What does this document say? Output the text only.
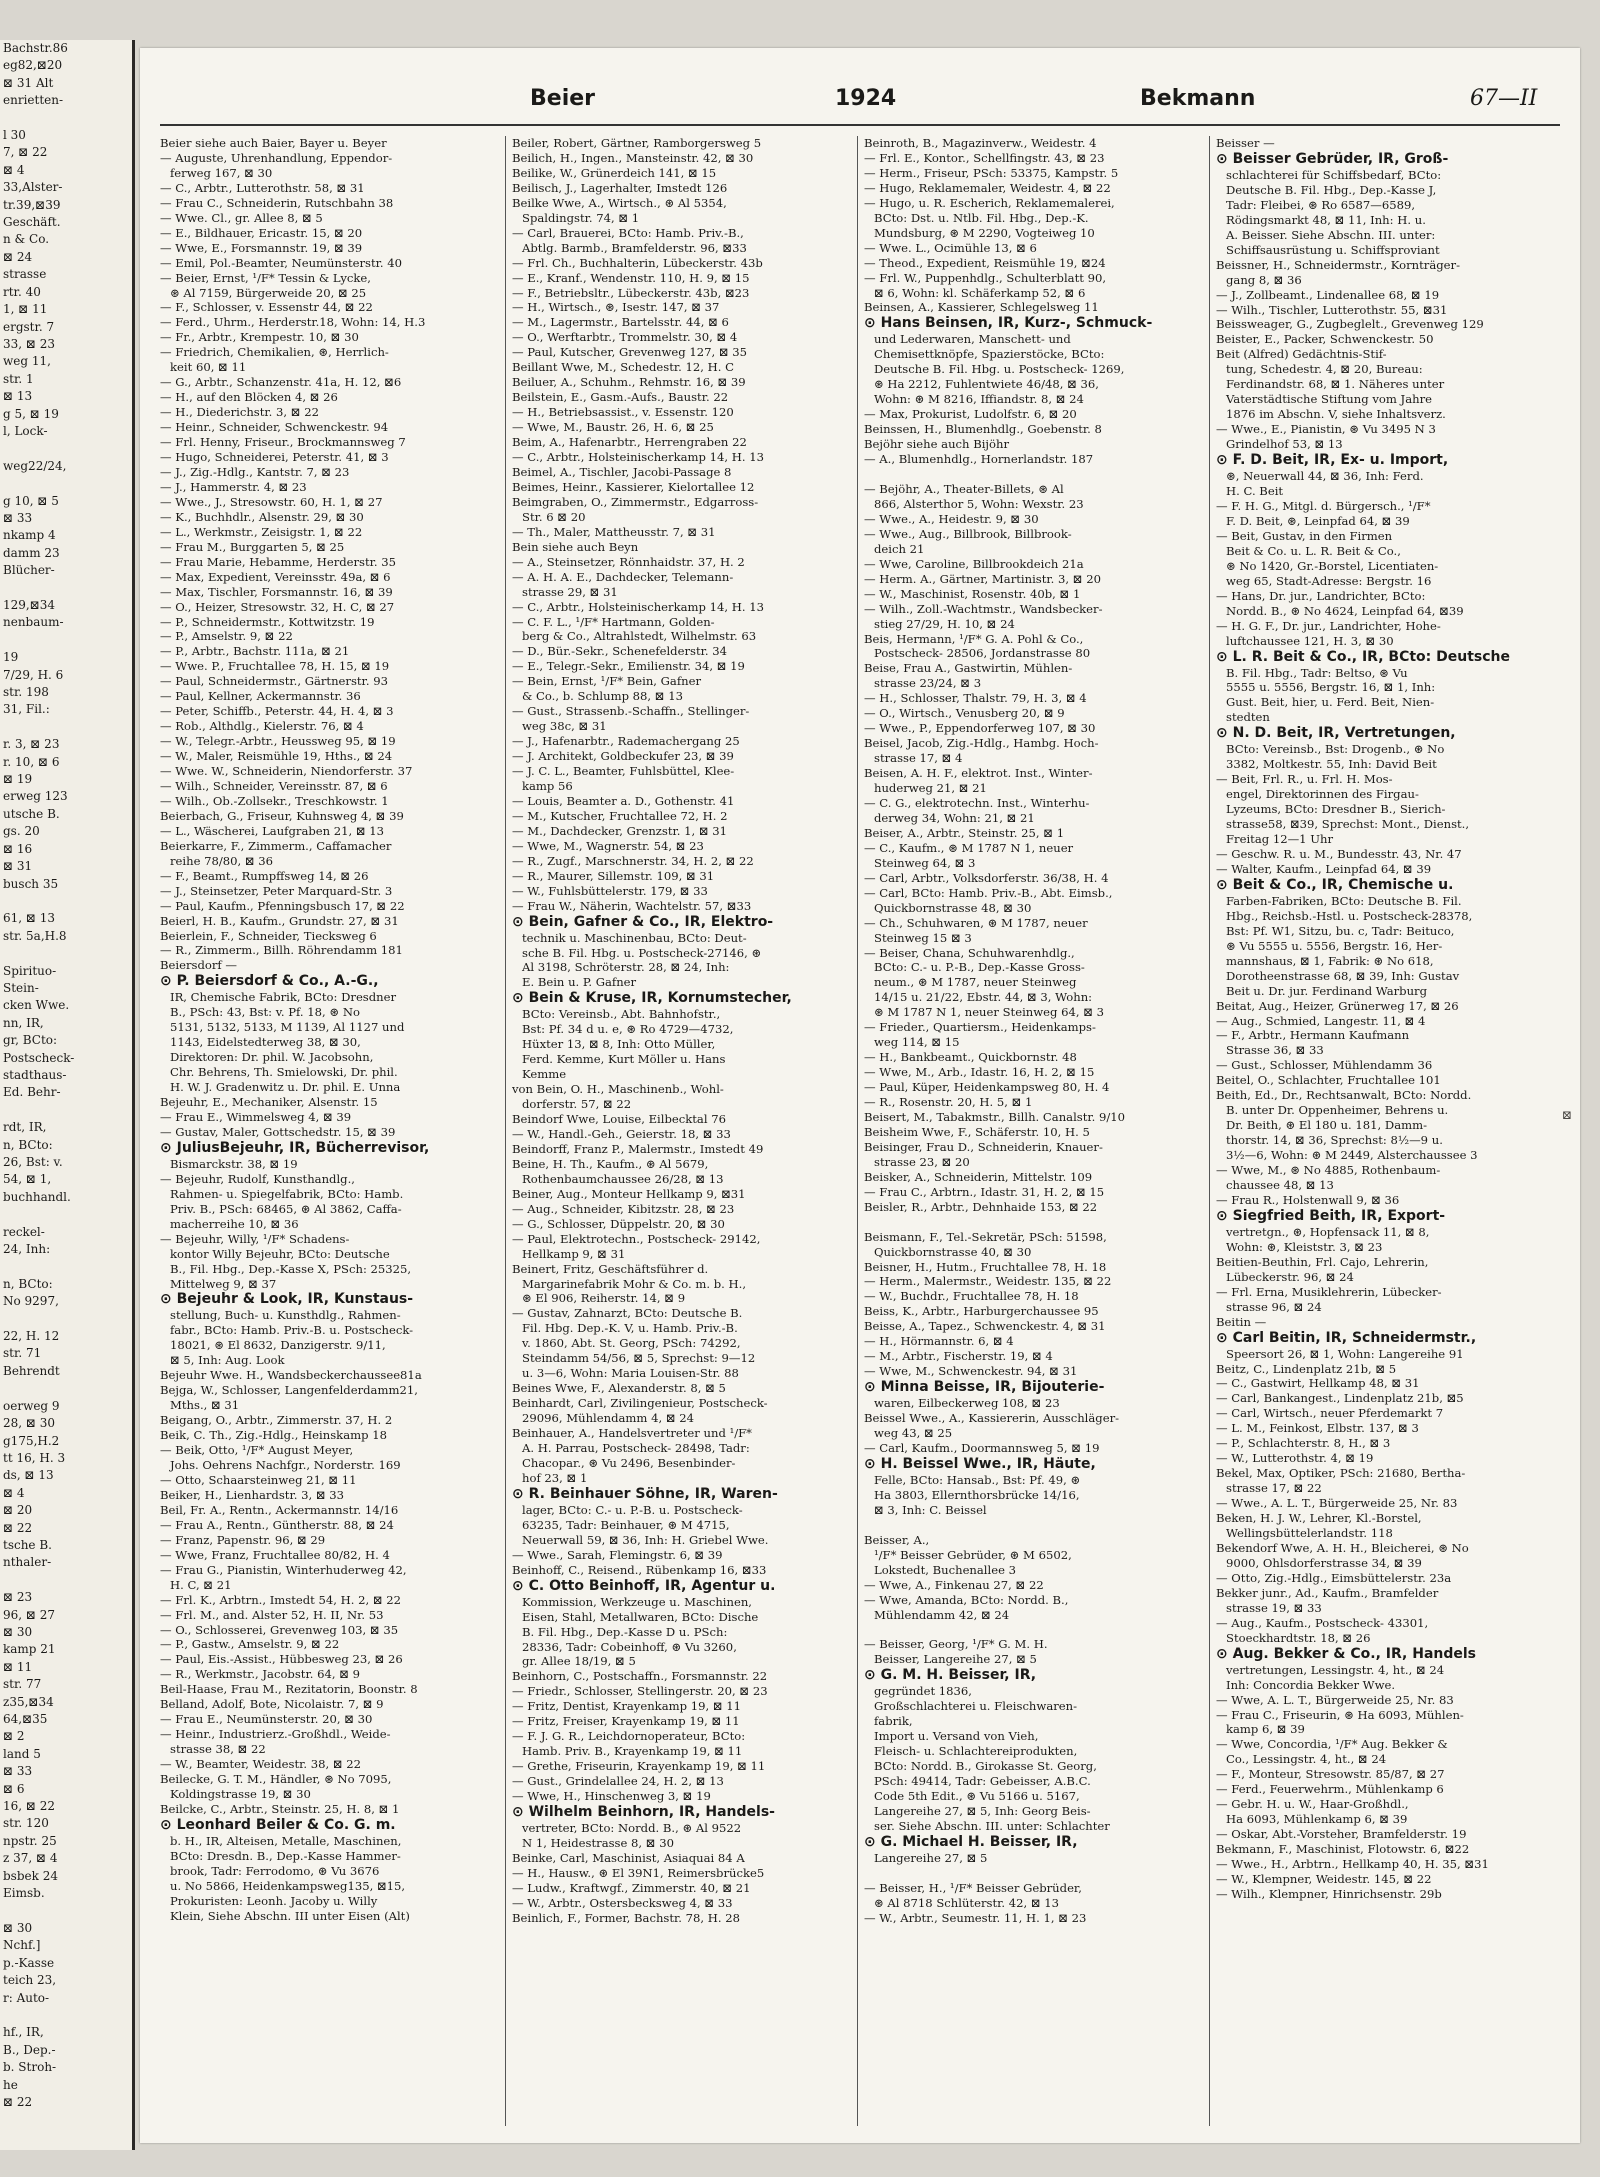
Bachstr.86
eg82,⊠20
⊠ 31 Alt
enrietten-

l 30
7, ⊠ 22
⊠ 4
33,Alster-
tr.39,⊠39
Geschäft.
n & Co.
⊠ 24
strasse
rtr. 40
1, ⊠ 11
ergstr. 7
33, ⊠ 23
weg 11,
str. 1
⊠ 13
g 5, ⊠ 19
l, Lock-

weg22/24,

g 10, ⊠ 5
⊠ 33
nkamp 4
damm 23
Blücher-

129,⊠34
nenbaum-

19
7/29, H. 6
str. 198
31, Fil.:

r. 3, ⊠ 23
r. 10, ⊠ 6
⊠ 19
erweg 123
utsche B.
gs. 20
⊠ 16
⊠ 31
busch 35

61, ⊠ 13
str. 5a,H.8

Spirituo-
Stein-
cken Wwe.
nn, IR,
gr, BCto:
Postscheck-
stadthaus-
Ed. Behr-

rdt, IR,
n, BCto:
26, Bst: v.
54, ⊠ 1,
buchhandl.

reckel-
24, Inh:

n, BCto:
No 9297,

22, H. 12
str. 71
Behrendt

oerweg 9
28, ⊠ 30
g175,H.2
tt 16, H. 3
ds, ⊠ 13
⊠ 4
⊠ 20
⊠ 22
tsche B.
nthaler-

⊠ 23
96, ⊠ 27
⊠ 30
kamp 21
⊠ 11
str. 77
z35,⊠34
64,⊠35
⊠ 2
land 5
⊠ 33
⊠ 6
16, ⊠ 22
str. 120
npstr. 25
z 37, ⊠ 4
bsbek 24
Eimsb.

⊠ 30
Nchf.]
p.-Kasse
teich 23,
r: Auto-

hf., IR,
B., Dep.-
b. Stroh-
he
⊠ 22
Beier	1924	Bekmann	67—II
Beier siehe auch Baier, Bayer u. Beyer
— Auguste, Uhrenhandlung, Eppendor-
ferweg 167, ⊠ 30
— C., Arbtr., Lutterothstr. 58, ⊠ 31
— Frau C., Schneiderin, Rutschbahn 38
— Wwe. Cl., gr. Allee 8, ⊠ 5
— E., Bildhauer, Ericastr. 15, ⊠ 20
— Wwe, E., Forsmannstr. 19, ⊠ 39
— Emil, Pol.-Beamter, Neumünsterstr. 40
— Beier, Ernst, ¹/F* Tessin & Lycke,
⊛ Al 7159, Bürgerweide 20, ⊠ 25
— F., Schlosser, v. Essenstr 44, ⊠ 22
— Ferd., Uhrm., Herderstr.18, Wohn: 14, H.3
— Fr., Arbtr., Krempestr. 10, ⊠ 30
— Friedrich, Chemikalien, ⊛, Herrlich-
keit 60, ⊠ 11
— G., Arbtr., Schanzenstr. 41a, H. 12, ⊠6
— H., auf den Blöcken 4, ⊠ 26
— H., Diederichstr. 3, ⊠ 22
— Heinr., Schneider, Schwenckestr. 94
— Frl. Henny, Friseur., Brockmannsweg 7
— Hugo, Schneiderei, Peterstr. 41, ⊠ 3
— J., Zig.-Hdlg., Kantstr. 7, ⊠ 23
— J., Hammerstr. 4, ⊠ 23
— Wwe., J., Stresowstr. 60, H. 1, ⊠ 27
— K., Buchhdlr., Alsenstr. 29, ⊠ 30
— L., Werkmstr., Zeisigstr. 1, ⊠ 22
— Frau M., Burggarten 5, ⊠ 25
— Frau Marie, Hebamme, Herderstr. 35
— Max, Expedient, Vereinsstr. 49a, ⊠ 6
— Max, Tischler, Forsmannstr. 16, ⊠ 39
— O., Heizer, Stresowstr. 32, H. C, ⊠ 27
— P., Schneidermstr., Kottwitzstr. 19
— P., Amselstr. 9, ⊠ 22
— P., Arbtr., Bachstr. 111a, ⊠ 21
— Wwe. P., Fruchtallee 78, H. 15, ⊠ 19
— Paul, Schneidermstr., Gärtnerstr. 93
— Paul, Kellner, Ackermannstr. 36
— Peter, Schiffb., Peterstr. 44, H. 4, ⊠ 3
— Rob., Althdlg., Kielerstr. 76, ⊠ 4
— W., Telegr.-Arbtr., Heussweg 95, ⊠ 19
— W., Maler, Reismühle 19, Hths., ⊠ 24
— Wwe. W., Schneiderin, Niendorferstr. 37
— Wilh., Schneider, Vereinsstr. 87, ⊠ 6
— Wilh., Ob.-Zollsekr., Treschkowstr. 1
Beierbach, G., Friseur, Kuhnsweg 4, ⊠ 39
— L., Wäscherei, Laufgraben 21, ⊠ 13
Beierkarre, F., Zimmerm., Caffamacher
reihe 78/80, ⊠ 36
— F., Beamt., Rumpffsweg 14, ⊠ 26
— J., Steinsetzer, Peter Marquard-Str. 3
— Paul, Kaufm., Pfenningsbusch 17, ⊠ 22
Beierl, H. B., Kaufm., Grundstr. 27, ⊠ 31
Beierlein, F., Schneider, Tiecksweg 6
— R., Zimmerm., Billh. Röhrendamm 181
Beiersdorf —
⊙ P. Beiersdorf & Co., A.-G.,
IR, Chemische Fabrik, BCto: Dresdner
B., PSch: 43, Bst: v. Pf. 18, ⊛ No
5131, 5132, 5133, M 1139, Al 1127 und
1143, Eidelstedterweg 38, ⊠ 30,
Direktoren: Dr. phil. W. Jacobsohn,
Chr. Behrens, Th. Smielowski, Dr. phil.
H. W. J. Gradenwitz u. Dr. phil. E. Unna
Bejeuhr, E., Mechaniker, Alsenstr. 15
— Frau E., Wimmelsweg 4, ⊠ 39
— Gustav, Maler, Gottschedstr. 15, ⊠ 39
⊙ JuliusBejeuhr, IR, Bücherrevisor,
Bismarckstr. 38, ⊠ 19
— Bejeuhr, Rudolf, Kunsthandlg.,
Rahmen- u. Spiegelfabrik, BCto: Hamb.
Priv. B., PSch: 68465, ⊛ Al 3862, Caffa-
macherreihe 10, ⊠ 36
— Bejeuhr, Willy, ¹/F* Schadens-
kontor Willy Bejeuhr, BCto: Deutsche
B., Fil. Hbg., Dep.-Kasse X, PSch: 25325,
Mittelweg 9, ⊠ 37
⊙ Bejeuhr & Look, IR, Kunstaus-
stellung, Buch- u. Kunsthdlg., Rahmen-
fabr., BCto: Hamb. Priv.-B. u. Postscheck-
18021, ⊛ El 8632, Danzigerstr. 9/11,
⊠ 5, Inh: Aug. Look
Bejeuhr Wwe. H., Wandsbeckerchaussee81a
Bejga, W., Schlosser, Langenfelderdamm21,
Mths., ⊠ 31
Beigang, O., Arbtr., Zimmerstr. 37, H. 2
Beik, C. Th., Zig.-Hdlg., Heinskamp 18
— Beik, Otto, ¹/F* August Meyer,
Johs. Oehrens Nachfgr., Norderstr. 169
— Otto, Schaarsteinweg 21, ⊠ 11
Beiker, H., Lienhardstr. 3, ⊠ 33
Beil, Fr. A., Rentn., Ackermannstr. 14/16
— Frau A., Rentn., Güntherstr. 88, ⊠ 24
— Franz, Papenstr. 96, ⊠ 29
— Wwe, Franz, Fruchtallee 80/82, H. 4
— Frau G., Pianistin, Winterhuderweg 42,
H. C, ⊠ 21
— Frl. K., Arbtrn., Imstedt 54, H. 2, ⊠ 22
— Frl. M., and. Alster 52, H. II, Nr. 53
— O., Schlosserei, Grevenweg 103, ⊠ 35
— P., Gastw., Amselstr. 9, ⊠ 22
— Paul, Eis.-Assist., Hübbesweg 23, ⊠ 26
— R., Werkmstr., Jacobstr. 64, ⊠ 9
Beil-Haase, Frau M., Rezitatorin, Boonstr. 8
Belland, Adolf, Bote, Nicolaistr. 7, ⊠ 9
— Frau E., Neumünsterstr. 20, ⊠ 30
— Heinr., Industrierz.-Großhdl., Weide-
strasse 38, ⊠ 22
— W., Beamter, Weidestr. 38, ⊠ 22
Beilecke, G. T. M., Händler, ⊛ No 7095,
Koldingstrasse 19, ⊠ 30
Beilcke, C., Arbtr., Steinstr. 25, H. 8, ⊠ 1
⊙ Leonhard Beiler & Co. G. m.
b. H., IR, Alteisen, Metalle, Maschinen,
BCto: Dresdn. B., Dep.-Kasse Hammer-
brook, Tadr: Ferrodomo, ⊛ Vu 3676
u. No 5866, Heidenkampsweg135, ⊠15,
Prokuristen: Leonh. Jacoby u. Willy
Klein, Siehe Abschn. III unter Eisen (Alt)
Beiler, Robert, Gärtner, Ramborgersweg 5
Beilich, H., Ingen., Mansteinstr. 42, ⊠ 30
Beilike, W., Grünerdeich 141, ⊠ 15
Beilisch, J., Lagerhalter, Imstedt 126
Beilke Wwe, A., Wirtsch., ⊛ Al 5354,
Spaldingstr. 74, ⊠ 1
— Carl, Brauerei, BCto: Hamb. Priv.-B.,
Abtlg. Barmb., Bramfelderstr. 96, ⊠33
— Frl. Ch., Buchhalterin, Lübeckerstr. 43b
— E., Kranf., Wendenstr. 110, H. 9, ⊠ 15
— F., Betriebsltr., Lübeckerstr. 43b, ⊠23
— H., Wirtsch., ⊛, Isestr. 147, ⊠ 37
— M., Lagermstr., Bartelsstr. 44, ⊠ 6
— O., Werftarbtr., Trommelstr. 30, ⊠ 4
— Paul, Kutscher, Grevenweg 127, ⊠ 35
Beillant Wwe, M., Schedestr. 12, H. C
Beiluer, A., Schuhm., Rehmstr. 16, ⊠ 39
Beilstein, E., Gasm.-Aufs., Baustr. 22
— H., Betriebsassist., v. Essenstr. 120
— Wwe, M., Baustr. 26, H. 6, ⊠ 25
Beim, A., Hafenarbtr., Herrengraben 22
— C., Arbtr., Holsteinischerkamp 14, H. 13
Beimel, A., Tischler, Jacobi-Passage 8
Beimes, Heinr., Kassierer, Kielortallee 12
Beimgraben, O., Zimmermstr., Edgarross-
Str. 6 ⊠ 20
— Th., Maler, Mattheusstr. 7, ⊠ 31
Bein siehe auch Beyn
— A., Steinsetzer, Rönnhaidstr. 37, H. 2
— A. H. A. E., Dachdecker, Telemann-
strasse 29, ⊠ 31
— C., Arbtr., Holsteinischerkamp 14, H. 13
— C. F. L., ¹/F* Hartmann, Golden-
berg & Co., Altrahlstedt, Wilhelmstr. 63
— D., Bür.-Sekr., Schenefelderstr. 34
— E., Telegr.-Sekr., Emilienstr. 34, ⊠ 19
— Bein, Ernst, ¹/F* Bein, Gafner
& Co., b. Schlump 88, ⊠ 13
— Gust., Strassenb.-Schaffn., Stellinger-
weg 38c, ⊠ 31
— J., Hafenarbtr., Rademachergang 25
— J. Architekt, Goldbeckufer 23, ⊠ 39
— J. C. L., Beamter, Fuhlsbüttel, Klee-
kamp 56
— Louis, Beamter a. D., Gothenstr. 41
— M., Kutscher, Fruchtallee 72, H. 2
— M., Dachdecker, Grenzstr. 1, ⊠ 31
— Wwe, M., Wagnerstr. 54, ⊠ 23
— R., Zugf., Marschnerstr. 34, H. 2, ⊠ 22
— R., Maurer, Sillemstr. 109, ⊠ 31
— W., Fuhlsbüttelerstr. 179, ⊠ 33
— Frau W., Näherin, Wachtelstr. 57, ⊠33
⊙ Bein, Gafner & Co., IR, Elektro-
technik u. Maschinenbau, BCto: Deut-
sche B. Fil. Hbg. u. Postscheck-27146, ⊛
Al 3198, Schröterstr. 28, ⊠ 24, Inh:
E. Bein u. P. Gafner
⊙ Bein & Kruse, IR, Kornumstecher,
BCto: Vereinsb., Abt. Bahnhofstr.,
Bst: Pf. 34 d u. e, ⊛ Ro 4729—4732,
Hüxter 13, ⊠ 8, Inh: Otto Müller,
Ferd. Kemme, Kurt Möller u. Hans
Kemme
von Bein, O. H., Maschinenb., Wohl-
dorferstr. 57, ⊠ 22
Beindorf Wwe, Louise, Eilbecktal 76
— W., Handl.-Geh., Geierstr. 18, ⊠ 33
Beindorff, Franz P., Malermstr., Imstedt 49
Beine, H. Th., Kaufm., ⊛ Al 5679,
Rothenbaumchaussee 26/28, ⊠ 13
Beiner, Aug., Monteur Hellkamp 9, ⊠31
— Aug., Schneider, Kibitzstr. 28, ⊠ 23
— G., Schlosser, Düppelstr. 20, ⊠ 30
— Paul, Elektrotechn., Postscheck- 29142,
Hellkamp 9, ⊠ 31
Beinert, Fritz, Geschäftsführer d.
Margarinefabrik Mohr & Co. m. b. H.,
⊛ El 906, Reiherstr. 14, ⊠ 9
— Gustav, Zahnarzt, BCto: Deutsche B.
Fil. Hbg. Dep.-K. V, u. Hamb. Priv.-B.
v. 1860, Abt. St. Georg, PSch: 74292,
Steindamm 54/56, ⊠ 5, Sprechst: 9—12
u. 3—6, Wohn: Maria Louisen-Str. 88
Beines Wwe, F., Alexanderstr. 8, ⊠ 5
Beinhardt, Carl, Zivilingenieur, Postscheck-
29096, Mühlendamm 4, ⊠ 24
Beinhauer, A., Handelsvertreter und ¹/F*
A. H. Parrau, Postscheck- 28498, Tadr:
Chacopar., ⊛ Vu 2496, Besenbinder-
hof 23, ⊠ 1
⊙ R. Beinhauer Söhne, IR, Waren-
lager, BCto: C.- u. P.-B. u. Postscheck-
63235, Tadr: Beinhauer, ⊛ M 4715,
Neuerwall 59, ⊠ 36, Inh: H. Griebel Wwe.
— Wwe., Sarah, Flemingstr. 6, ⊠ 39
Beinhoff, C., Reisend., Rübenkamp 16, ⊠33
⊙ C. Otto Beinhoff, IR, Agentur u.
Kommission, Werkzeuge u. Maschinen,
Eisen, Stahl, Metallwaren, BCto: Dische
B. Fil. Hbg., Dep.-Kasse D u. PSch:
28336, Tadr: Cobeinhoff, ⊛ Vu 3260,
gr. Allee 18/19, ⊠ 5
Beinhorn, C., Postschaffn., Forsmannstr. 22
— Friedr., Schlosser, Stellingerstr. 20, ⊠ 23
— Fritz, Dentist, Krayenkamp 19, ⊠ 11
— Fritz, Freiser, Krayenkamp 19, ⊠ 11
— F. J. G. R., Leichdornoperateur, BCto:
Hamb. Priv. B., Krayenkamp 19, ⊠ 11
— Grethe, Friseurin, Krayenkamp 19, ⊠ 11
— Gust., Grindelallee 24, H. 2, ⊠ 13
— Wwe, H., Hinschenweg 3, ⊠ 19
⊙ Wilhelm Beinhorn, IR, Handels-
vertreter, BCto: Nordd. B., ⊛ Al 9522
N 1, Heidestrasse 8, ⊠ 30
Beinke, Carl, Maschinist, Asiaquai 84 A
— H., Hausw., ⊛ El 39N1, Reimersbrücke5
— Ludw., Kraftwgf., Zimmerstr. 40, ⊠ 21
— W., Arbtr., Ostersbecksweg 4, ⊠ 33
Beinlich, F., Former, Bachstr. 78, H. 28
Beinroth, B., Magazinverw., Weidestr. 4
— Frl. E., Kontor., Schellfingstr. 43, ⊠ 23
— Herm., Friseur, PSch: 53375, Kampstr. 5
— Hugo, Reklamemaler, Weidestr. 4, ⊠ 22
— Hugo, u. R. Escherich, Reklamemalerei,
BCto: Dst. u. Ntlb. Fil. Hbg., Dep.-K.
Mundsburg, ⊛ M 2290, Vogteiweg 10
— Wwe. L., Ocimühle 13, ⊠ 6
— Theod., Expedient, Reismühle 19, ⊠24
— Frl. W., Puppenhdlg., Schulterblatt 90,
⊠ 6, Wohn: kl. Schäferkamp 52, ⊠ 6
Beinsen, A., Kassierer, Schlegelsweg 11
⊙ Hans Beinsen, IR, Kurz-, Schmuck-
und Lederwaren, Manschett- und
Chemisettknöpfe, Spazierstöcke, BCto:
Deutsche B. Fil. Hbg. u. Postscheck- 1269,
⊛ Ha 2212, Fuhlentwiete 46/48, ⊠ 36,
Wohn: ⊛ M 8216, Iffiandstr. 8, ⊠ 24
— Max, Prokurist, Ludolfstr. 6, ⊠ 20
Beinssen, H., Blumenhdlg., Goebenstr. 8
Bejöhr siehe auch Bijöhr
— A., Blumenhdlg., Hornerlandstr. 187

— Bejöhr, A., Theater-Billets, ⊛ Al
866, Alsterthor 5, Wohn: Wexstr. 23
— Wwe., A., Heidestr. 9, ⊠ 30
— Wwe., Aug., Billbrook, Billbrook-
deich 21
— Wwe, Caroline, Billbrookdeich 21a
— Herm. A., Gärtner, Martinistr. 3, ⊠ 20
— W., Maschinist, Rosenstr. 40b, ⊠ 1
— Wilh., Zoll.-Wachtmstr., Wandsbecker-
stieg 27/29, H. 10, ⊠ 24
Beis, Hermann, ¹/F* G. A. Pohl & Co.,
Postscheck- 28506, Jordanstrasse 80
Beise, Frau A., Gastwirtin, Mühlen-
strasse 23/24, ⊠ 3
— H., Schlosser, Thalstr. 79, H. 3, ⊠ 4
— O., Wirtsch., Venusberg 20, ⊠ 9
— Wwe., P., Eppendorferweg 107, ⊠ 30
Beisel, Jacob, Zig.-Hdlg., Hambg. Hoch-
strasse 17, ⊠ 4
Beisen, A. H. F., elektrot. Inst., Winter-
huderweg 21, ⊠ 21
— C. G., elektrotechn. Inst., Winterhu-
derweg 34, Wohn: 21, ⊠ 21
Beiser, A., Arbtr., Steinstr. 25, ⊠ 1
— C., Kaufm., ⊛ M 1787 N 1, neuer
Steinweg 64, ⊠ 3
— Carl, Arbtr., Volksdorferstr. 36/38, H. 4
— Carl, BCto: Hamb. Priv.-B., Abt. Eimsb.,
Quickbornstrasse 48, ⊠ 30
— Ch., Schuhwaren, ⊛ M 1787, neuer
Steinweg 15 ⊠ 3
— Beiser, Chana, Schuhwarenhdlg.,
BCto: C.- u. P.-B., Dep.-Kasse Gross-
neum., ⊛ M 1787, neuer Steinweg
14/15 u. 21/22, Ebstr. 44, ⊠ 3, Wohn:
⊛ M 1787 N 1, neuer Steinweg 64, ⊠ 3
— Frieder., Quartiersm., Heidenkamps-
weg 114, ⊠ 15
— H., Bankbeamt., Quickbornstr. 48
— Wwe, M., Arb., Idastr. 16, H. 2, ⊠ 15
— Paul, Küper, Heidenkampsweg 80, H. 4
— R., Rosenstr. 20, H. 5, ⊠ 1
Beisert, M., Tabakmstr., Billh. Canalstr. 9/10
Beisheim Wwe, F., Schäferstr. 10, H. 5
Beisinger, Frau D., Schneiderin, Knauer-
strasse 23, ⊠ 20
Beisker, A., Schneiderin, Mittelstr. 109
— Frau C., Arbtrn., Idastr. 31, H. 2, ⊠ 15
Beisler, R., Arbtr., Dehnhaide 153, ⊠ 22

Beismann, F., Tel.-Sekretär, PSch: 51598,
Quickbornstrasse 40, ⊠ 30
Beisner, H., Hutm., Fruchtallee 78, H. 18
— Herm., Malermstr., Weidestr. 135, ⊠ 22
— W., Buchdr., Fruchtallee 78, H. 18
Beiss, K., Arbtr., Harburgerchaussee 95
Beisse, A., Tapez., Schwenckestr. 4, ⊠ 31
— H., Hörmannstr. 6, ⊠ 4
— M., Arbtr., Fischerstr. 19, ⊠ 4
— Wwe, M., Schwenckestr. 94, ⊠ 31
⊙ Minna Beisse, IR, Bijouterie-
waren, Eilbeckerweg 108, ⊠ 23
Beissel Wwe., A., Kassiererin, Ausschläger-
weg 43, ⊠ 25
— Carl, Kaufm., Doormannsweg 5, ⊠ 19
⊙ H. Beissel Wwe., IR, Häute,
Felle, BCto: Hansab., Bst: Pf. 49, ⊛
Ha 3803, Ellernthorsbrücke 14/16,
⊠ 3, Inh: C. Beissel

Beisser, A.,
¹/F* Beisser Gebrüder, ⊛ M 6502,
Lokstedt, Buchenallee 3
— Wwe, A., Finkenau 27, ⊠ 22
— Wwe, Amanda, BCto: Nordd. B.,
Mühlendamm 42, ⊠ 24

— Beisser, Georg, ¹/F* G. M. H.
Beisser, Langereihe 27, ⊠ 5
⊙ G. M. H. Beisser, IR,
gegründet 1836,
Großschlachterei u. Fleischwaren-
fabrik,
Import u. Versand von Vieh,
Fleisch- u. Schlachtereiprodukten,
BCto: Nordd. B., Girokasse St. Georg,
PSch: 49414, Tadr: Gebeisser, A.B.C.
Code 5th Edit., ⊛ Vu 5166 u. 5167,
Langereihe 27, ⊠ 5, Inh: Georg Beis-
ser. Siehe Abschn. III. unter: Schlachter
⊙ G. Michael H. Beisser, IR,
Langereihe 27, ⊠ 5

— Beisser, H., ¹/F* Beisser Gebrüder,
⊛ Al 8718 Schlüterstr. 42, ⊠ 13
— W., Arbtr., Seumestr. 11, H. 1, ⊠ 23
Beisser —
⊙ Beisser Gebrüder, IR, Groß-
schlachterei für Schiffsbedarf, BCto:
Deutsche B. Fil. Hbg., Dep.-Kasse J,
Tadr: Fleibei, ⊛ Ro 6587—6589,
Rödingsmarkt 48, ⊠ 11, Inh: H. u.
A. Beisser. Siehe Abschn. III. unter:
Schiffsausrüstung u. Schiffsproviant
Beissner, H., Schneidermstr., Kornträger-
gang 8, ⊠ 36
— J., Zollbeamt., Lindenallee 68, ⊠ 19
— Wilh., Tischler, Lutterothstr. 55, ⊠31
Beissweager, G., Zugbeglelt., Grevenweg 129
Beister, E., Packer, Schwenckestr. 50
Beit (Alfred) Gedächtnis-Stif-
tung, Schedestr. 4, ⊠ 20, Bureau:
Ferdinandstr. 68, ⊠ 1. Näheres unter
Vaterstädtische Stiftung vom Jahre
1876 im Abschn. V, siehe Inhaltsverz.
— Wwe., E., Pianistin, ⊛ Vu 3495 N 3
Grindelhof 53, ⊠ 13
⊙ F. D. Beit, IR, Ex- u. Import,
⊛, Neuerwall 44, ⊠ 36, Inh: Ferd.
H. C. Beit
— F. H. G., Mitgl. d. Bürgersch., ¹/F*
F. D. Beit, ⊛, Leinpfad 64, ⊠ 39
— Beit, Gustav, in den Firmen
Beit & Co. u. L. R. Beit & Co.,
⊛ No 1420, Gr.-Borstel, Licentiaten-
weg 65, Stadt-Adresse: Bergstr. 16
— Hans, Dr. jur., Landrichter, BCto:
Nordd. B., ⊛ No 4624, Leinpfad 64, ⊠39
— H. G. F., Dr. jur., Landrichter, Hohe-
luftchaussee 121, H. 3, ⊠ 30
⊙ L. R. Beit & Co., IR, BCto: Deutsche
B. Fil. Hbg., Tadr: Beltso, ⊛ Vu
5555 u. 5556, Bergstr. 16, ⊠ 1, Inh:
Gust. Beit, hier, u. Ferd. Beit, Nien-
stedten
⊙ N. D. Beit, IR, Vertretungen,
BCto: Vereinsb., Bst: Drogenb., ⊛ No
3382, Moltkestr. 55, Inh: David Beit
— Beit, Frl. R., u. Frl. H. Mos-
engel, Direktorinnen des Firgau-
Lyzeums, BCto: Dresdner B., Sierich-
strasse58, ⊠39, Sprechst: Mont., Dienst.,
Freitag 12—1 Uhr
— Geschw. R. u. M., Bundesstr. 43, Nr. 47
— Walter, Kaufm., Leinpfad 64, ⊠ 39
⊙ Beit & Co., IR, Chemische u.
Farben-Fabriken, BCto: Deutsche B. Fil.
Hbg., Reichsb.-Hstl. u. Postscheck-28378,
Bst: Pf. W1, Sitzu, bu. c, Tadr: Beituco,
⊛ Vu 5555 u. 5556, Bergstr. 16, Her-
mannshaus, ⊠ 1, Fabrik: ⊛ No 618,
Dorotheenstrasse 68, ⊠ 39, Inh: Gustav
Beit u. Dr. jur. Ferdinand Warburg
Beitat, Aug., Heizer, Grünerweg 17, ⊠ 26
— Aug., Schmied, Langestr. 11, ⊠ 4
— F., Arbtr., Hermann Kaufmann
Strasse 36, ⊠ 33
— Gust., Schlosser, Mühlendamm 36
Beitel, O., Schlachter, Fruchtallee 101
Beith, Ed., Dr., Rechtsanwalt, BCto: Nordd.
B. unter Dr. Oppenheimer, Behrens u.
Dr. Beith, ⊛ El 180 u. 181, Damm-
thorstr. 14, ⊠ 36, Sprechst: 8½—9 u.
3½—6, Wohn: ⊛ M 2449, Alsterchaussee 3
— Wwe, M., ⊛ No 4885, Rothenbaum-
chaussee 48, ⊠ 13
— Frau R., Holstenwall 9, ⊠ 36
⊙ Siegfried Beith, IR, Export-
vertretgn., ⊛, Hopfensack 11, ⊠ 8,
Wohn: ⊛, Kleiststr. 3, ⊠ 23
Beitien-Beuthin, Frl. Cajo, Lehrerin,
Lübeckerstr. 96, ⊠ 24
— Frl. Erna, Musiklehrerin, Lübecker-
strasse 96, ⊠ 24
Beitin —
⊙ Carl Beitin, IR, Schneidermstr.,
Speersort 26, ⊠ 1, Wohn: Langereihe 91
Beitz, C., Lindenplatz 21b, ⊠ 5
— C., Gastwirt, Hellkamp 48, ⊠ 31
— Carl, Bankangest., Lindenplatz 21b, ⊠5
— Carl, Wirtsch., neuer Pferdemarkt 7
— L. M., Feinkost, Elbstr. 137, ⊠ 3
— P., Schlachterstr. 8, H., ⊠ 3
— W., Lutterothstr. 4, ⊠ 19
Bekel, Max, Optiker, PSch: 21680, Bertha-
strasse 17, ⊠ 22
— Wwe., A. L. T., Bürgerweide 25, Nr. 83
Beken, H. J. W., Lehrer, Kl.-Borstel,
Wellingsbüttelerlandstr. 118
Bekendorf Wwe, A. H. H., Bleicherei, ⊛ No
9000, Ohlsdorferstrasse 34, ⊠ 39
— Otto, Zig.-Hdlg., Eimsbüttelerstr. 23a
Bekker junr., Ad., Kaufm., Bramfelder
strasse 19, ⊠ 33
— Aug., Kaufm., Postscheck- 43301,
Stoeckhardtstr. 18, ⊠ 26
⊙ Aug. Bekker & Co., IR, Handels
vertretungen, Lessingstr. 4, ht., ⊠ 24
Inh: Concordia Bekker Wwe.
— Wwe, A. L. T., Bürgerweide 25, Nr. 83
— Frau C., Friseurin, ⊛ Ha 6093, Mühlen-
kamp 6, ⊠ 39
— Wwe, Concordia, ¹/F* Aug. Bekker &
Co., Lessingstr. 4, ht., ⊠ 24
— F., Monteur, Stresowstr. 85/87, ⊠ 27
— Ferd., Feuerwehrm., Mühlenkamp 6
— Gebr. H. u. W., Haar-Großhdl.,
Ha 6093, Mühlenkamp 6, ⊠ 39
— Oskar, Abt.-Vorsteher, Bramfelderstr. 19
Bekmann, F., Maschinist, Flotowstr. 6, ⊠22
— Wwe., H., Arbtrn., Hellkamp 40, H. 35, ⊠31
— W., Klempner, Weidestr. 145, ⊠ 22
— Wilh., Klempner, Hinrichsenstr. 29b
⊠
